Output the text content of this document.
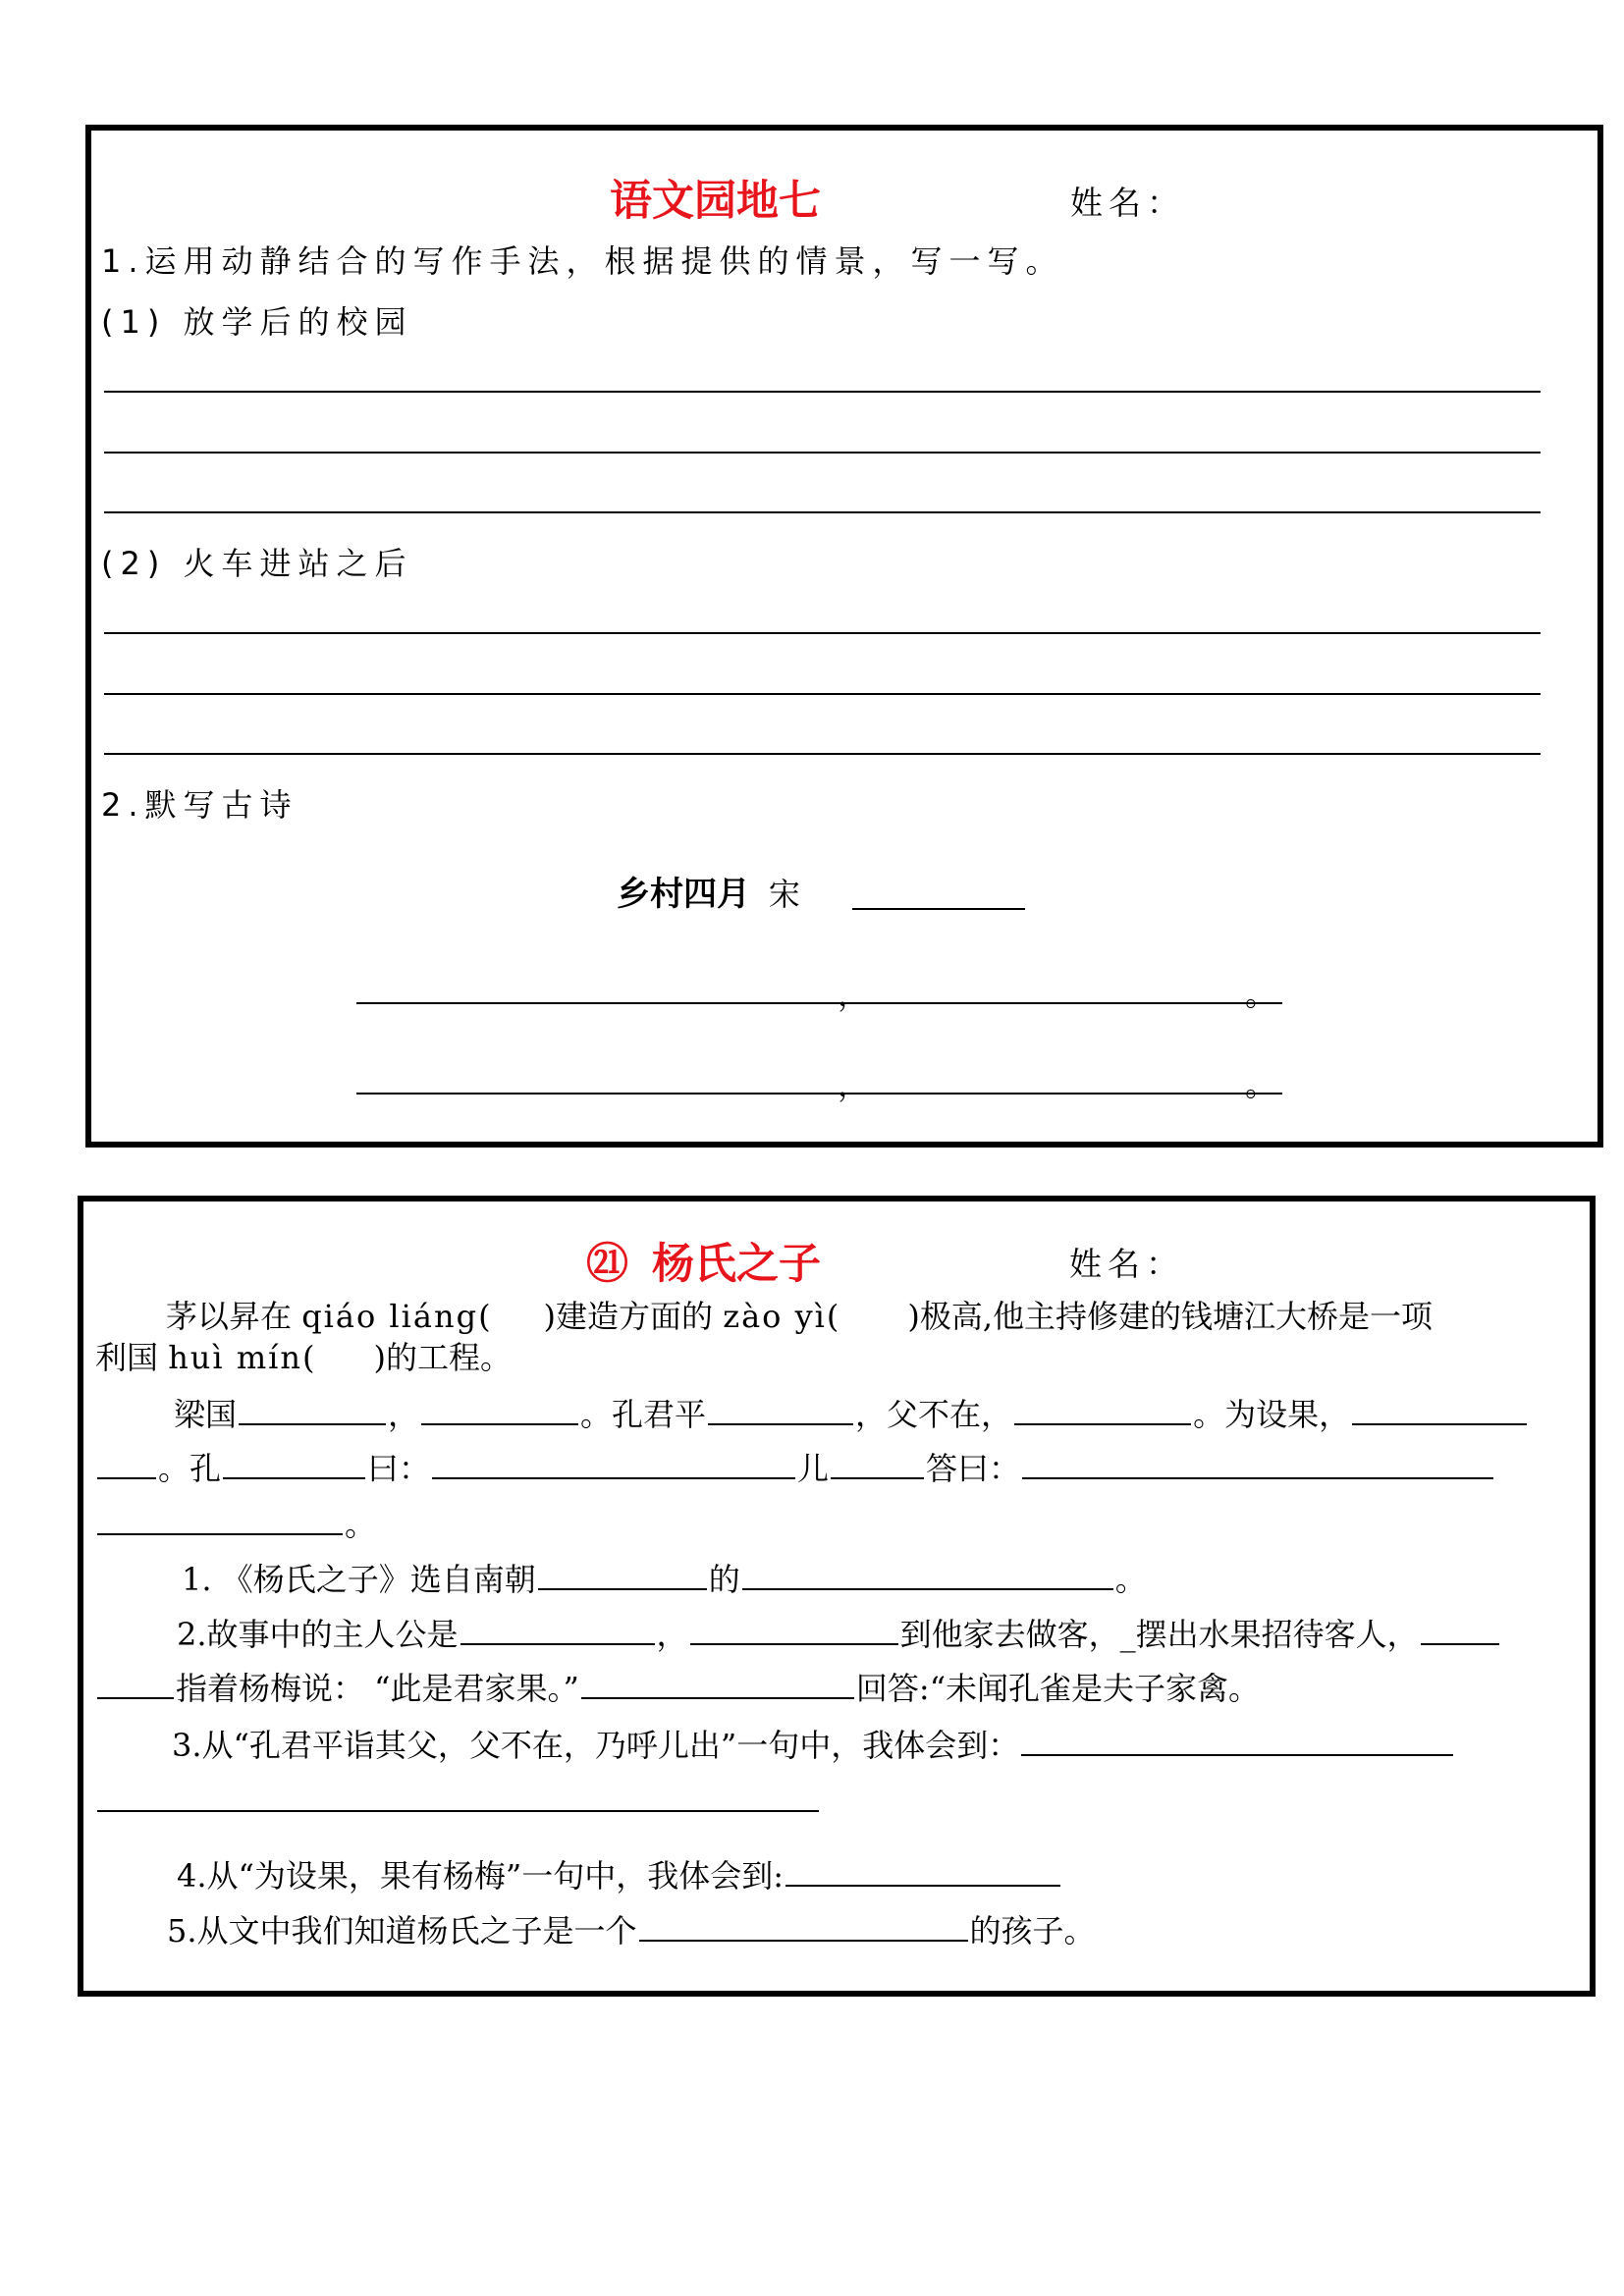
语文园地七	姓名：
1.运用动静结合的写作手法，根据提供的情景，写一写。
(1) 放学后的校园
(2) 火车进站之后
2.默写古诗
乡村四月 宋
，	。
，	。
㉑ 杨氏之子	姓名：
茅以昇在 qiáo liáng( )建造方面的 zào yì( )极高,他主持修建的钱塘江大桥是一项
利国 huì mín( )的工程。
梁国	，	。孔君平	，父不在，	。为设果，
。孔	曰：	儿	答曰：
。
1. 《杨氏之子》选自南朝	的	。
2.故事中的主人公是	，	到他家去做客，_摆出水果招待客人，
指着杨梅说： “此是君家果。”	回答:“未闻孔雀是夫子家禽。
3.从“孔君平诣其父，父不在，乃呼儿出”一句中，我体会到：
4.从“为设果，果有杨梅”一句中，我体会到:
5.从文中我们知道杨氏之子是一个	的孩子。
